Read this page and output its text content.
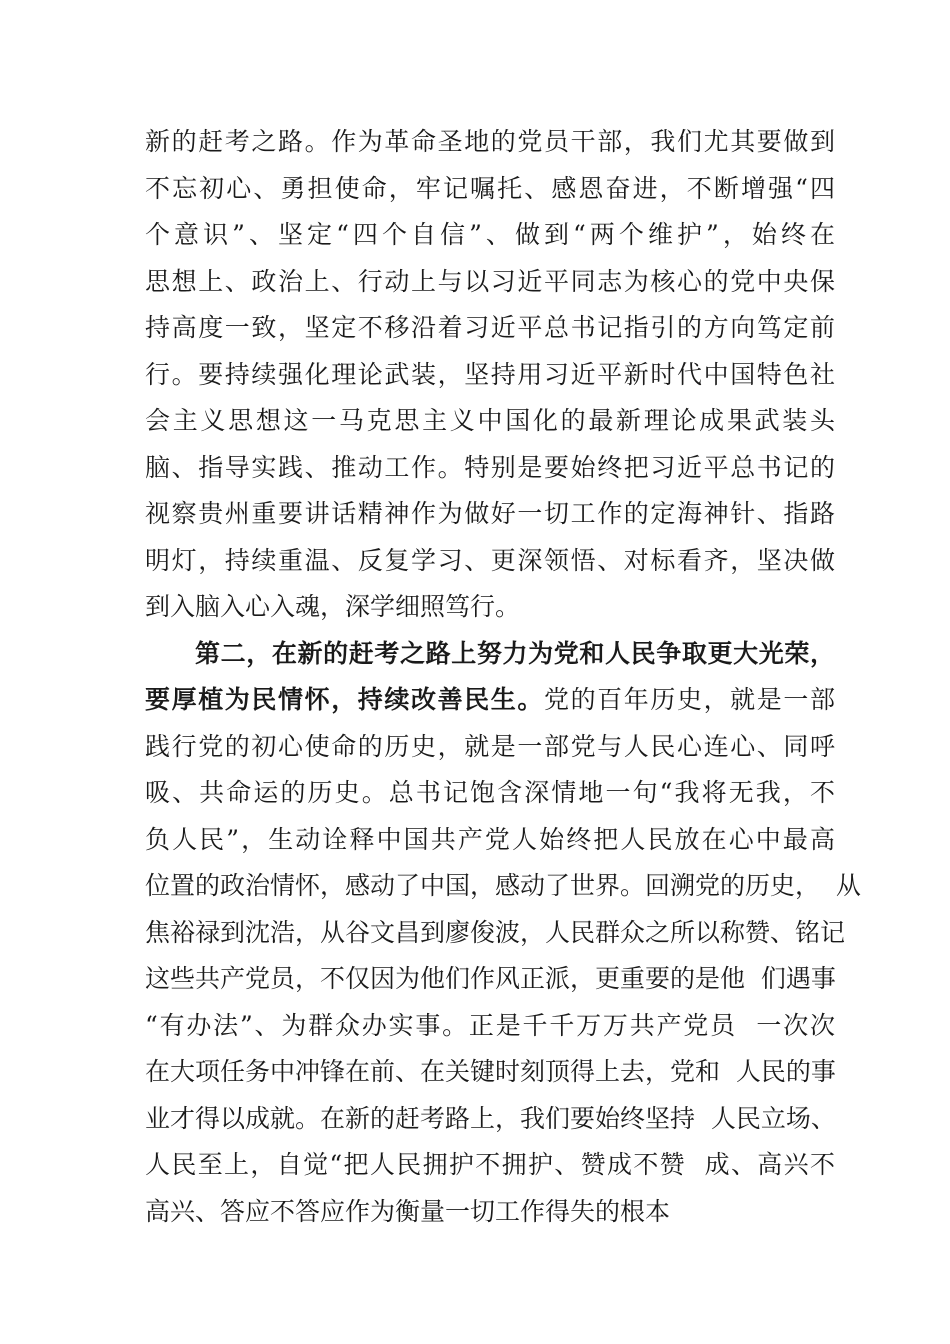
新的赶考之路。作为革命圣地的党员干部，我们尤其要做到
不忘初心、勇担使命，牢记嘱托、感恩奋进，不断增强“四
个意识”、坚定“四个自信”、做到“两个维护”，始终在
思想上、政治上、行动上与以习近平同志为核心的党中央保
持高度一致，坚定不移沿着习近平总书记指引的方向笃定前
行。要持续强化理论武装，坚持用习近平新时代中国特色社
会主义思想这一马克思主义中国化的最新理论成果武装头
脑、指导实践、推动工作。特别是要始终把习近平总书记的
视察贵州重要讲话精神作为做好一切工作的定海神针、指路
明灯，持续重温、反复学习、更深领悟、对标看齐，坚决做
到入脑入心入魂，深学细照笃行。
第二，在新的赶考之路上努力为党和人民争取更大光荣，
要厚植为民情怀，持续改善民生。党的百年历史，就是一部
践行党的初心使命的历史，就是一部党与人民心连心、同呼
吸、共命运的历史。总书记饱含深情地一句“我将无我，不
负人民”，生动诠释中国共产党人始终把人民放在心中最高
位置的政治情怀，感动了中国，感动了世界。回溯党的历史，  从
焦裕禄到沈浩，从谷文昌到廖俊波，人民群众之所以称赞、铭记
这些共产党员，不仅因为他们作风正派，更重要的是他  们遇事
“有办法”、为群众办实事。正是千千万万共产党员  一次次
在大项任务中冲锋在前、在关键时刻顶得上去，党和  人民的事
业才得以成就。在新的赶考路上，我们要始终坚持  人民立场、
人民至上，自觉“把人民拥护不拥护、赞成不赞  成、高兴不
高兴、答应不答应作为衡量一切工作得失的根本
